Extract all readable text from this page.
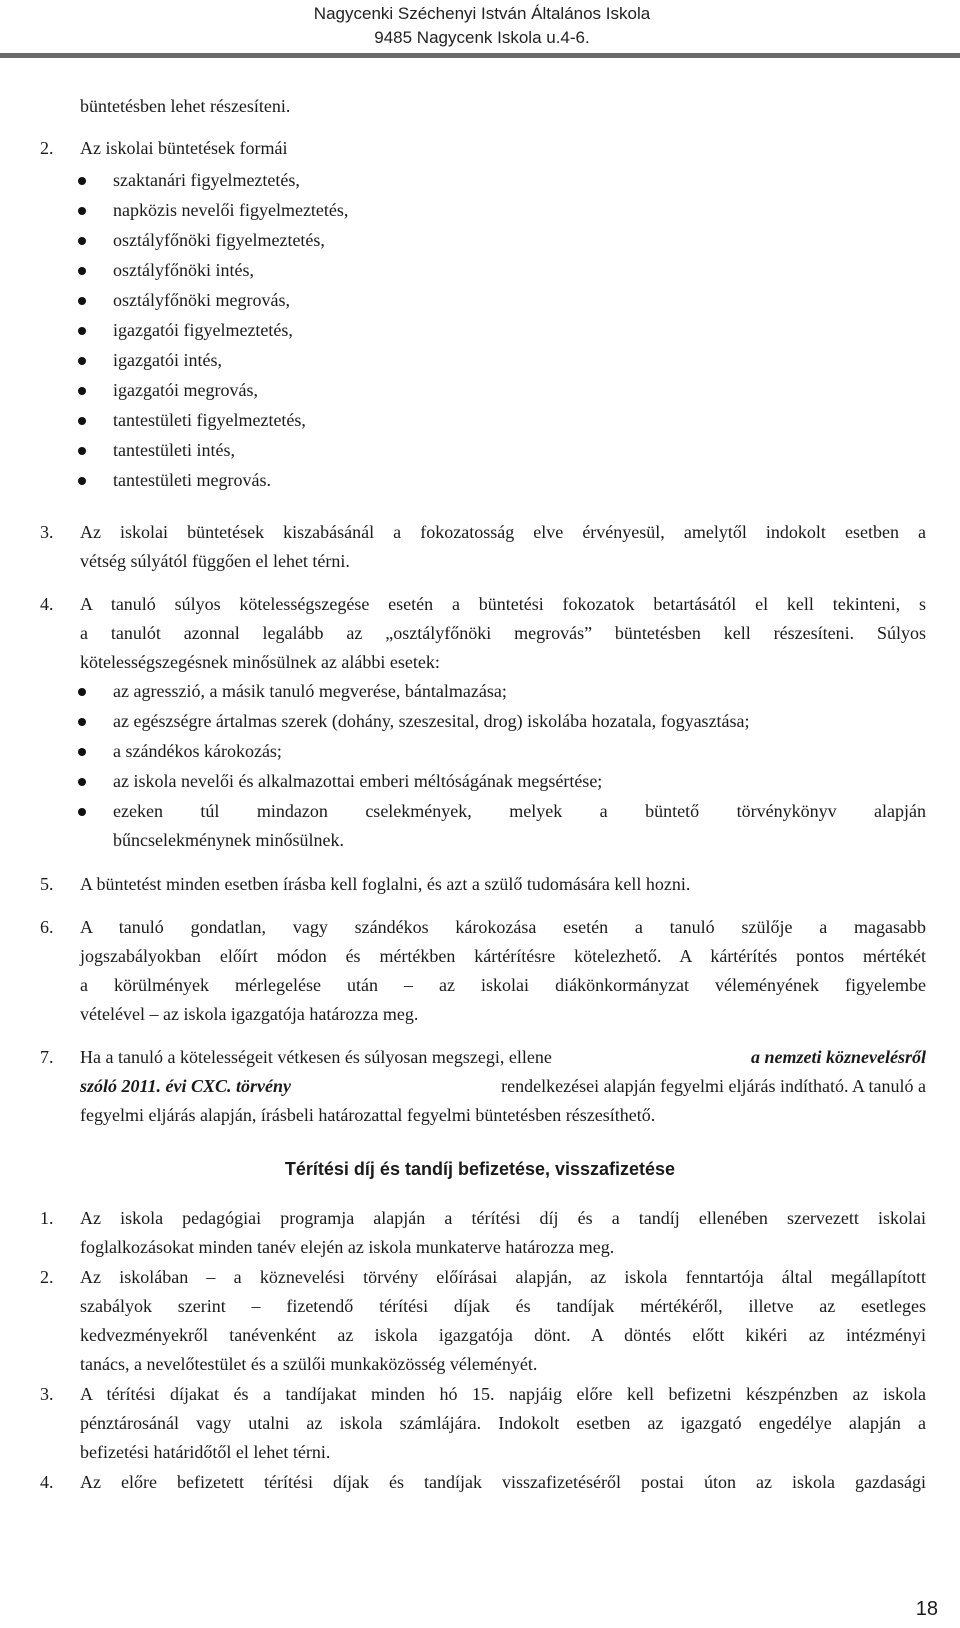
Nagycenki Széchenyi István Általános Iskola
9485 Nagycenk Iskola u.4-6.
büntetésben lehet részesíteni.
2. Az iskolai büntetések formái
szaktanári figyelmeztetés,
napközis nevelői figyelmeztetés,
osztályfőnöki figyelmeztetés,
osztályfőnöki intés,
osztályfőnöki megrovás,
igazgatói figyelmeztetés,
igazgatói intés,
igazgatói megrovás,
tantestületi figyelmeztetés,
tantestületi intés,
tantestületi megrovás.
3. Az iskolai büntetések kiszabásánál a fokozatosság elve érvényesül, amelytől indokolt esetben a
vétség súlyától függően el lehet térni.
4. A tanuló súlyos kötelességszegése esetén a büntetési fokozatok betartásától el kell tekinteni, s
a tanulót azonnal legalább az „osztályfőnöki megrovás” büntetésben kell részesíteni. Súlyos
kötelességszegésnek minősülnek az alábbi esetek:
az agresszió, a másik tanuló megverése, bántalmazása;
az egészségre ártalmas szerek (dohány, szeszesital, drog) iskolába hozatala, fogyasztása;
a szándékos károkozás;
az iskola nevelői és alkalmazottai emberi méltóságának megsértése;
ezeken túl mindazon cselekmények, melyek a büntető törvénykönyv alapján
bűncselekménynek minősülnek.
5. A büntetést minden esetben írásba kell foglalni, és azt a szülő tudomására kell hozni.
6. A tanuló gondatlan, vagy szándékos károkozása esetén a tanuló szülője a magasabb
jogszabályokban előírt módon és mértékben kártérítésre kötelezhető. A kártérítés pontos mértékét
a körülmények mérlegelése után – az iskolai diákönkormányzat véleményének figyelembe
vételével – az iskola igazgatója határozza meg.
7. Ha a tanuló a kötelességeit vétkesen és súlyosan megszegi, ellene	a nemzeti köznevelésről
szóló 2011. évi CXC. törvény	rendelkezései alapján fegyelmi eljárás indítható. A tanuló a
fegyelmi eljárás alapján, írásbeli határozattal fegyelmi büntetésben részesíthető.
Térítési díj és tandíj befizetése, visszafizetése
1. Az iskola pedagógiai programja alapján a térítési díj és a tandíj ellenében szervezett iskolai
foglalkozásokat minden tanév elején az iskola munkaterve határozza meg.
2. Az iskolában – a köznevelési törvény előírásai alapján, az iskola fenntartója által megállapított
szabályok szerint – fizetendő térítési díjak és tandíjak mértékéről, illetve az esetleges
kedvezményekről tanévenként az iskola igazgatója dönt. A döntés előtt kikéri az intézményi
tanács, a nevelőtestület és a szülői munkaközösség véleményét.
3. A térítési díjakat és a tandíjakat minden hó 15. napjáig előre kell befizetni készpénzben az iskola
pénztárosánál vagy utalni az iskola számlájára. Indokolt esetben az igazgató engedélye alapján a
befizetési határidőtől el lehet térni.
4. Az előre befizetett térítési díjak és tandíjak visszafizetéséről postai úton az iskola gazdasági
18
